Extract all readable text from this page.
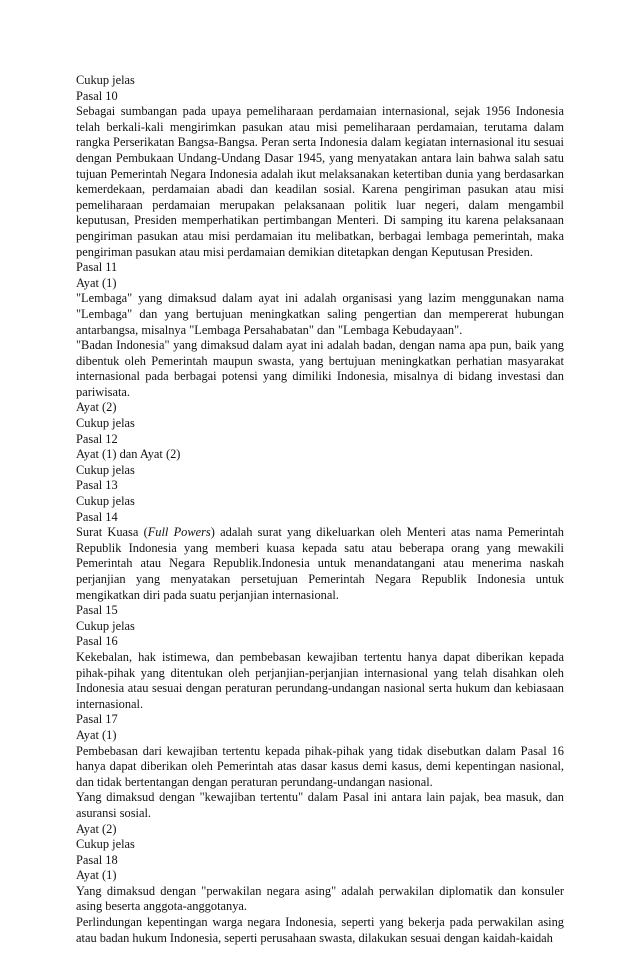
Cukup jelas
Pasal 10

Sebagai sumbangan pada upaya pemeliharaan perdamaian internasional, sejak 1956 Indonesia telah berkali-kali mengirimkan pasukan atau misi pemeliharaan perdamaian, terutama dalam rangka Perserikatan Bangsa-Bangsa. Peran serta Indonesia dalam kegiatan internasional itu sesuai dengan Pembukaan Undang-Undang Dasar 1945, yang menyatakan antara lain bahwa salah satu tujuan Pemerintah Negara Indonesia adalah ikut melaksanakan ketertiban dunia yang berdasarkan kemerdekaan, perdamaian abadi dan keadilan sosial. Karena pengiriman pasukan atau misi pemeliharaan perdamaian merupakan pelaksanaan politik luar negeri, dalam mengambil keputusan, Presiden memperhatikan pertimbangan Menteri. Di samping itu karena pelaksanaan pengiriman pasukan atau misi perdamaian itu melibatkan, berbagai lembaga pemerintah, maka pengiriman pasukan atau misi perdamaian demikian ditetapkan dengan Keputusan Presiden.

Pasal 11
Ayat (1)

"Lembaga" yang dimaksud dalam ayat ini adalah organisasi yang lazim menggunakan nama "Lembaga" dan yang bertujuan meningkatkan saling pengertian dan mempererat hubungan antarbangsa, misalnya "Lembaga Persahabatan" dan "Lembaga Kebudayaan".

"Badan Indonesia" yang dimaksud dalam ayat ini adalah badan, dengan nama apa pun, baik yang dibentuk oleh Pemerintah maupun swasta, yang bertujuan meningkatkan perhatian masyarakat internasional pada berbagai potensi yang dimiliki Indonesia, misalnya di bidang investasi dan pariwisata.

Ayat (2)
Cukup jelas
Pasal 12
Ayat (1) dan Ayat (2)
Cukup jelas
Pasal 13
Cukup jelas
Pasal 14

Surat Kuasa (Full Powers) adalah surat yang dikeluarkan oleh Menteri atas nama Pemerintah Republik Indonesia yang memberi kuasa kepada satu atau beberapa orang yang mewakili Pemerintah atau Negara Republik.Indonesia untuk menandatangani atau menerima naskah perjanjian yang menyatakan persetujuan Pemerintah Negara Republik Indonesia untuk mengikatkan diri pada suatu perjanjian internasional.

Pasal 15
Cukup jelas
Pasal 16

Kekebalan, hak istimewa, dan pembebasan kewajiban tertentu hanya dapat diberikan kepada pihak-pihak yang ditentukan oleh perjanjian-perjanjian internasional yang telah disahkan oleh Indonesia atau sesuai dengan peraturan perundang-undangan nasional serta hukum dan kebiasaan internasional.

Pasal 17
Ayat (1)

Pembebasan dari kewajiban tertentu kepada pihak-pihak yang tidak disebutkan dalam Pasal 16 hanya dapat diberikan oleh Pemerintah atas dasar kasus demi kasus, demi kepentingan nasional, dan tidak bertentangan dengan peraturan perundang-undangan nasional.

Yang dimaksud dengan "kewajiban tertentu" dalam Pasal ini antara lain pajak, bea masuk, dan asuransi sosial.

Ayat (2)
Cukup jelas
Pasal 18
Ayat (1)

Yang dimaksud dengan "perwakilan negara asing" adalah perwakilan diplomatik dan konsuler asing beserta anggota-anggotanya.

Perlindungan kepentingan warga negara Indonesia, seperti yang bekerja pada perwakilan asing atau badan hukum Indonesia, seperti perusahaan swasta, dilakukan sesuai dengan kaidah-kaidah
